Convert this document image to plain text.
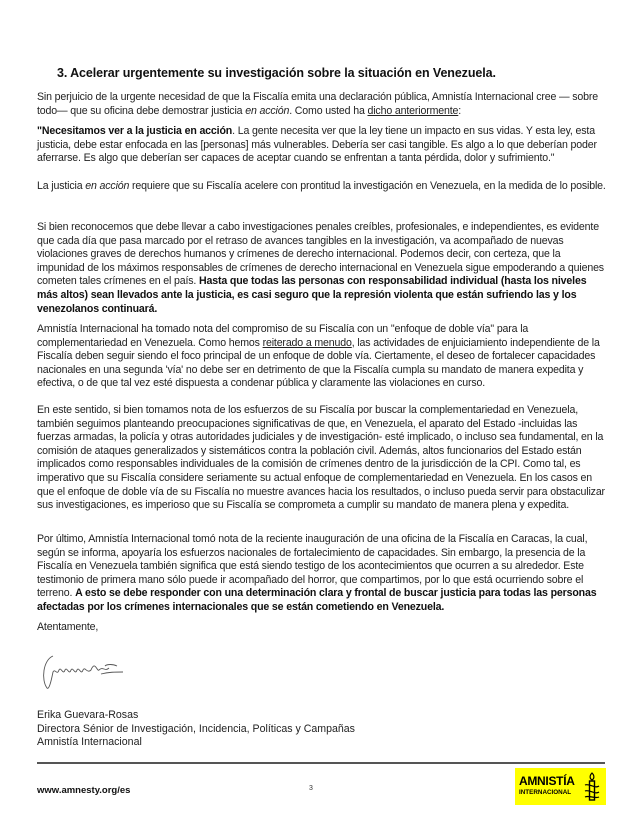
3. Acelerar urgentemente su investigación sobre la situación en Venezuela.
Sin perjuicio de la urgente necesidad de que la Fiscalía emita una declaración pública, Amnistía Internacional cree — sobre todo— que su oficina debe demostrar justicia en acción. Como usted ha dicho anteriormente:
"Necesitamos ver a la justicia en acción. La gente necesita ver que la ley tiene un impacto en sus vidas. Y esta ley, esta justicia, debe estar enfocada en las [personas] más vulnerables. Debería ser casi tangible. Es algo a lo que deberían poder aferrarse. Es algo que deberían ser capaces de aceptar cuando se enfrentan a tanta pérdida, dolor y sufrimiento."
La justicia en acción requiere que su Fiscalía acelere con prontitud la investigación en Venezuela, en la medida de lo posible.
Si bien reconocemos que debe llevar a cabo investigaciones penales creíbles, profesionales, e independientes, es evidente que cada día que pasa marcado por el retraso de avances tangibles en la investigación, va acompañado de nuevas violaciones graves de derechos humanos y crímenes de derecho internacional. Podemos decir, con certeza, que la impunidad de los máximos responsables de crímenes de derecho internacional en Venezuela sigue empoderando a quienes cometen tales crímenes en el país. Hasta que todas las personas con responsabilidad individual (hasta los niveles más altos) sean llevados ante la justicia, es casi seguro que la represión violenta que están sufriendo las y los venezolanos continuará.
Amnistía Internacional ha tomado nota del compromiso de su Fiscalía con un "enfoque de doble vía" para la complementariedad en Venezuela. Como hemos reiterado a menudo, las actividades de enjuiciamiento independiente de la Fiscalía deben seguir siendo el foco principal de un enfoque de doble vía. Ciertamente, el deseo de fortalecer capacidades nacionales en una segunda 'vía' no debe ser en detrimento de que la Fiscalía cumpla su mandato de manera expedita y efectiva, o de que tal vez esté dispuesta a condenar pública y claramente las violaciones en curso.
En este sentido, si bien tomamos nota de los esfuerzos de su Fiscalía por buscar la complementariedad en Venezuela, también seguimos planteando preocupaciones significativas de que, en Venezuela, el aparato del Estado -incluidas las fuerzas armadas, la policía y otras autoridades judiciales y de investigación- esté implicado, o incluso sea fundamental, en la comisión de ataques generalizados y sistemáticos contra la población civil. Además, altos funcionarios del Estado están implicados como responsables individuales de la comisión de crímenes dentro de la jurisdicción de la CPI. Como tal, es imperativo que su Fiscalía considere seriamente su actual enfoque de complementariedad en Venezuela. En los casos en que el enfoque de doble vía de su Fiscalía no muestre avances hacia los resultados, o incluso pueda servir para obstaculizar sus investigaciones, es imperioso que su Fiscalía se comprometa a cumplir su mandato de manera plena y expedita.
Por último, Amnistía Internacional tomó nota de la reciente inauguración de una oficina de la Fiscalía en Caracas, la cual, según se informa, apoyaría los esfuerzos nacionales de fortalecimiento de capacidades. Sin embargo, la presencia de la Fiscalía en Venezuela también significa que está siendo testigo de los acontecimientos que ocurren a su alrededor. Este testimonio de primera mano sólo puede ir acompañado del horror, que compartimos, por lo que está ocurriendo sobre el terreno. A esto se debe responder con una determinación clara y frontal de buscar justicia para todas las personas afectadas por los crímenes internacionales que se están cometiendo en Venezuela.
Atentamente,
Erika Guevara-Rosas
Directora Sénior de Investigación, Incidencia, Políticas y Campañas
Amnistía Internacional
www.amnesty.org/es	3
AMNISTÍA
INTERNACIONAL
